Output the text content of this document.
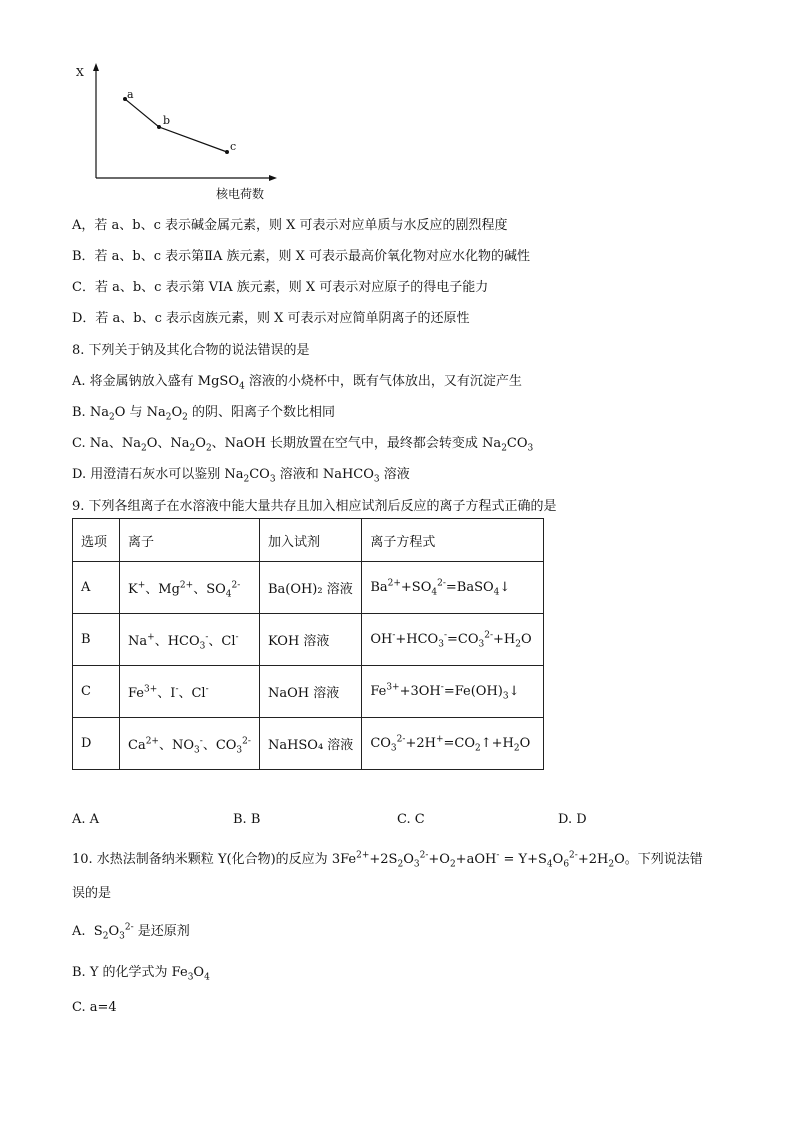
X
a
b
c
核电荷数
A，若 a、b、c 表示碱金属元素，则 X 可表示对应单质与水反应的剧烈程度
B．若 a、b、c 表示第ⅡA 族元素，则 X 可表示最高价氧化物对应水化物的碱性
C．若 a、b、c 表示第 VIA 族元素，则 X 可表示对应原子的得电子能力
D．若 a、b、c 表示卤族元素，则 X 可表示对应简单阴离子的还原性
8. 下列关于钠及其化合物的说法错误的是
A. 将金属钠放入盛有 MgSO$_4$ 溶液的小烧杯中，既有气体放出，又有沉淀产生
B. $Na_2O$ 与 $Na_2O_2$ 的阴、阳离子个数比相同
C. Na、$Na_2O$、$Na_2O_2$、NaOH 长期放置在空气中，最终都会转变成 $Na_2CO_3$
D. 用澄清石灰水可以鉴别 $Na_2CO_3$ 溶液和 NaHCO$_3$ 溶液
9. 下列各组离子在水溶液中能大量共存且加入相应试剂后反应的离子方程式正确的是
选项	离子	加入试剂	离子方程式
A	K+、$Mg^{2+}$、$SO_4^{2-}$	Ba(OH)₂ 溶液	$Ba^{2+}+SO_4^{2-}=BaSO_4↓$
B	Na+、$HCO_3^-$、Cl-	KOH 溶液	$OH^-+HCO_3^-=CO_3^{2-}+H_2O$
C	$Fe^{3+}$、I-、Cl-	NaOH 溶液	$Fe^{3+}+3OH^-=Fe(OH)_3↓$
D	$Ca^{2+}$、$NO_3^-$、$CO_3^{2-}$	NaHSO₄ 溶液	$CO_3^{2-}+2H^+=CO_2↑+H_2O$
A. A	B. B	C. C	D. D
10. 水热法制备纳米颗粒 Y(化合物)的反应为 $3Fe^{2+}+2S_2O_3^{2-}+O_2+aOH^- = Y+S_4O_6^{2-}+2H_2O$。下列说法错
误的是
A.  $S_2O_3^{2-}$ 是还原剂
B. Y 的化学式为 $Fe_3O_4$
C. a=4
